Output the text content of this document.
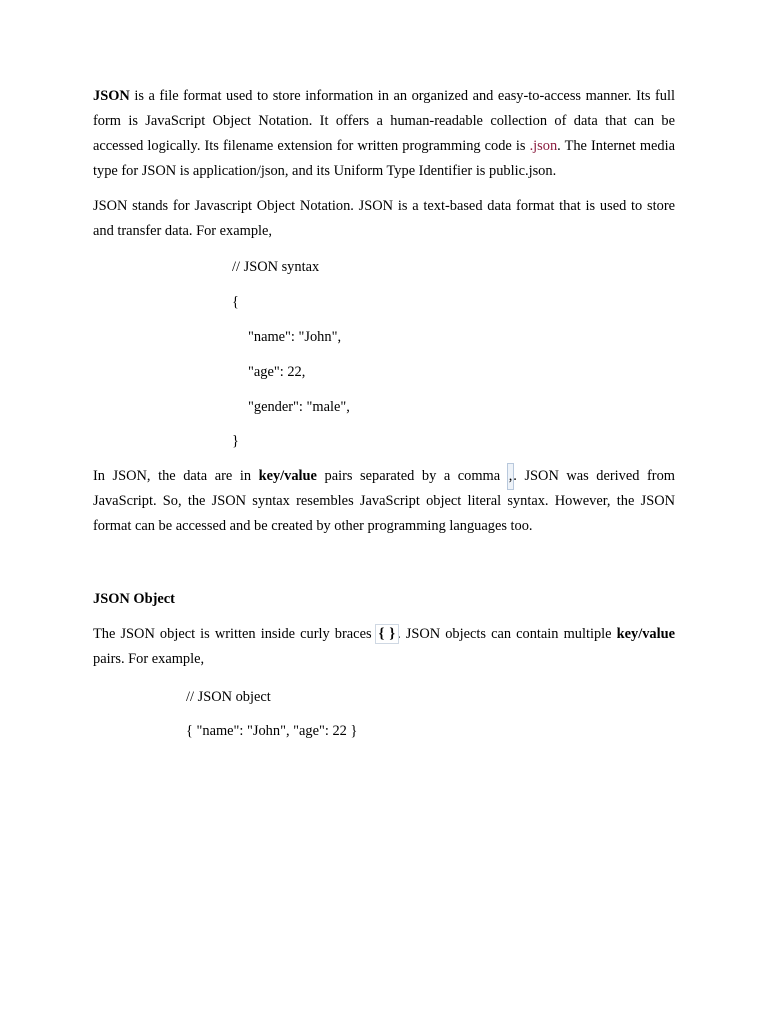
JSON is a file format used to store information in an organized and easy-to-access manner. Its full form is JavaScript Object Notation. It offers a human-readable collection of data that can be accessed logically. Its filename extension for written programming code is .json. The Internet media type for JSON is application/json, and its Uniform Type Identifier is public.json.

JSON stands for Javascript Object Notation. JSON is a text-based data format that is used to store and transfer data. For example,

// JSON syntax

{

"name": "John",

"age": 22,

"gender": "male",

}

In JSON, the data are in key/value pairs separated by a comma ,. JSON was derived from JavaScript. So, the JSON syntax resembles JavaScript object literal syntax. However, the JSON format can be accessed and be created by other programming languages too.

JSON Object

The JSON object is written inside curly braces { } . JSON objects can contain multiple key/value pairs. For example,

// JSON object

{ "name": "John", "age": 22 }
